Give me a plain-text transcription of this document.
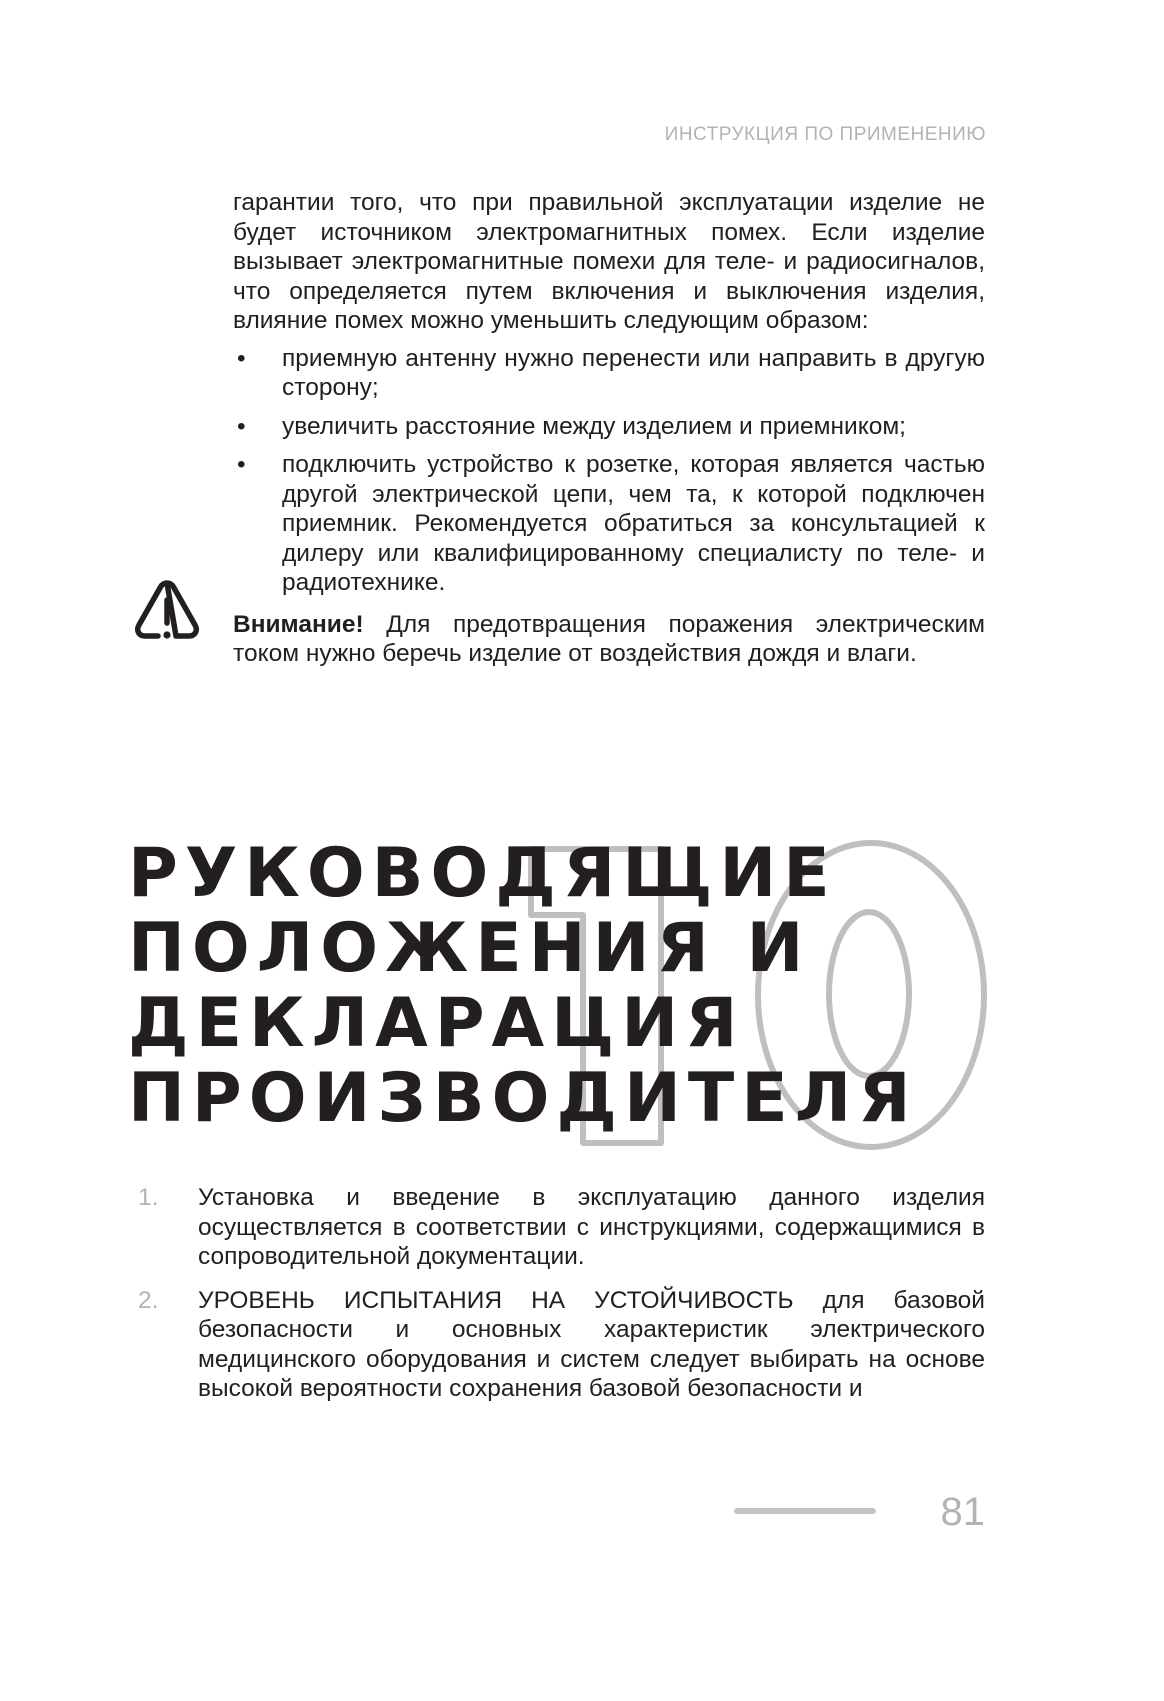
ИНСТРУКЦИЯ ПО ПРИМЕНЕНИЮ

гарантии того, что при правильной эксплуатации изделие не будет источником электромагнитных помех. Если изделие вызывает электромагнитные помехи для теле- и радиосигналов, что определяется путем включения и выключения изделия, влияние помех можно уменьшить следующим образом:

• приемную антенну нужно перенести или направить в другую сторону;
• увеличить расстояние между изделием и приемником;
• подключить устройство к розетке, которая является частью другой электрической цепи, чем та, к которой подключен приемник. Рекомендуется обратиться за консультацией к дилеру или квалифицированному специалисту по теле- и радиотехнике.

Внимание! Для предотвращения поражения электрическим током нужно беречь изделие от воздействия дождя и влаги.

РУКОВОДЯЩИЕ
ПОЛОЖЕНИЯ И
ДЕКЛАРАЦИЯ
ПРОИЗВОДИТЕЛЯ
1. Установка и введение в эксплуатацию данного изделия осуществляется в соответствии с инструкциями, содержащимися в сопроводительной документации.
2. УРОВЕНЬ ИСПЫТАНИЯ НА УСТОЙЧИВОСТЬ для базовой безопасности и основных характеристик электрического медицинского оборудования и систем следует выбирать на основе высокой вероятности сохранения базовой безопасности и
81
